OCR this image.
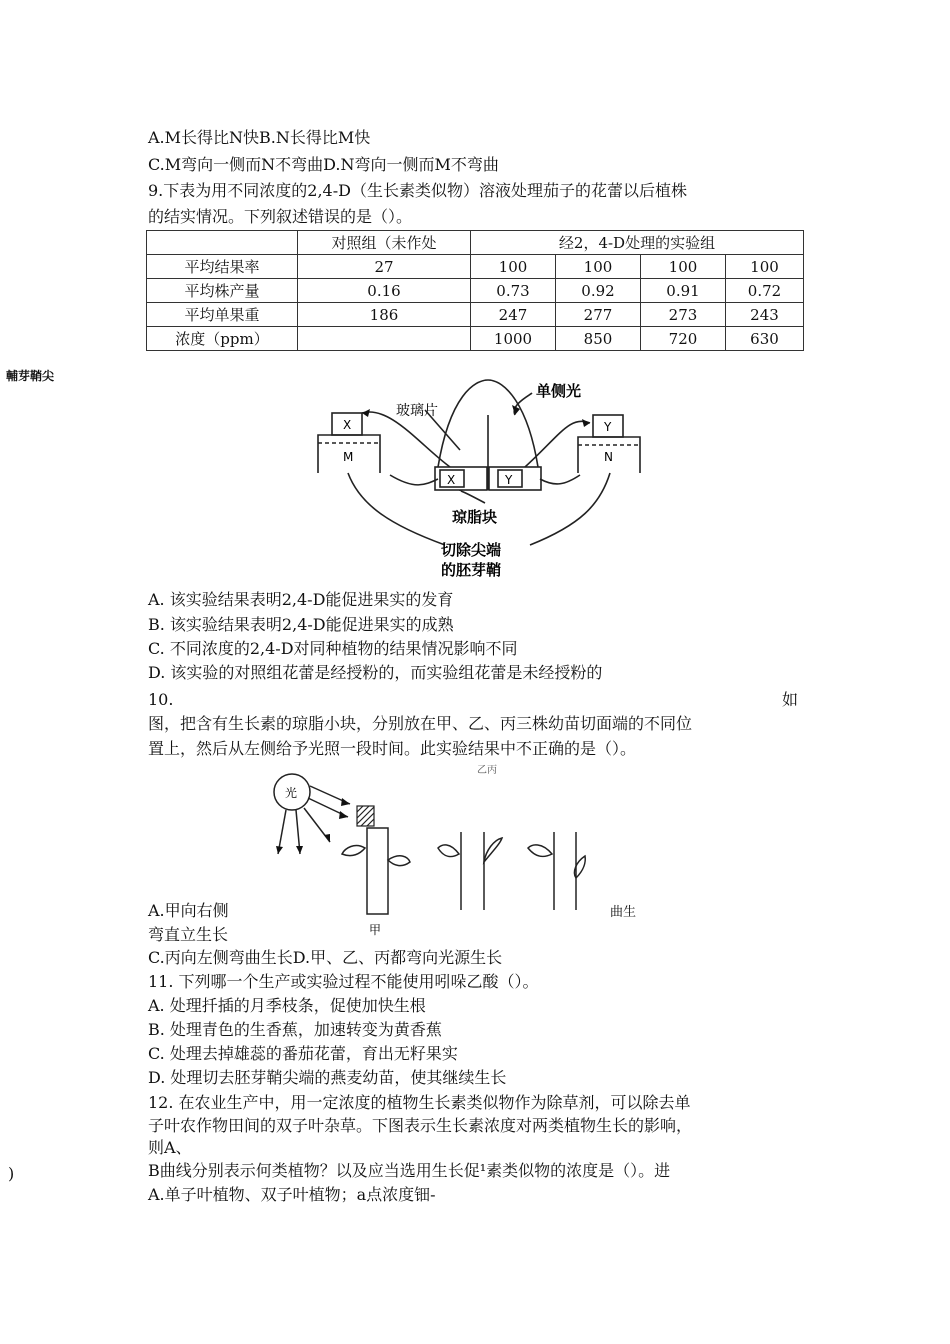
A.M长得比N快B.N长得比M快
C.M弯向一侧而N不弯曲D.N弯向一侧而M不弯曲
9.下表为用不同浓度的2,4-D（生长素类似物）溶液处理茄子的花蕾以后植株
的结实情况。下列叙述错误的是（）。
	对照组（未作处	经2，4-D处理的实验组			
平均结果率	27	100	100	100	100
平均株产量	0.16	0.73	0.92	0.91	0.72
平均单果重	186	247	277	273	243
浓度（ppm）		1000	850	720	630
輔芽鞘尖
单侧光
玻璃片
X
M
Y
N
X	Y
琼脂块
切除尖端
的胚芽鞘
A. 该实验结果表明2,4-D能促进果实的发育
B. 该实验结果表明2,4-D能促进果实的成熟
C. 不同浓度的2,4-D对同种植物的结果情况影响不同
D. 该实验的对照组花蕾是经授粉的，而实验组花蕾是未经授粉的
10.	如
图，把含有生长素的琼脂小块，分别放在甲、乙、丙三株幼苗切面端的不同位
置上，然后从左侧给予光照一段时间。此实验结果中不正确的是（）。
光
乙丙
甲
A.甲向右侧	曲生
弯直立生长
C.丙向左侧弯曲生长D.甲、乙、丙都弯向光源生长
11. 下列哪一个生产或实验过程不能使用吲哚乙酸（）。
A. 处理扦插的月季枝条，促使加快生根
B. 处理青色的生香蕉，加速转变为黄香蕉
C. 处理去掉雄蕊的番茄花蕾，育出无籽果实
D. 处理切去胚芽鞘尖端的燕麦幼苗，使其继续生长
12. 在农业生产中，用一定浓度的植物生长素类似物作为除草剂，可以除去单
子叶农作物田间的双子叶杂草。下图表示生长素浓度对两类植物生长的影响，
则A、
)	B曲线分别表示何类植物？以及应当选用生长促¹素类似物的浓度是（）。进
A.单子叶植物、双子叶植物；a点浓度钿-
